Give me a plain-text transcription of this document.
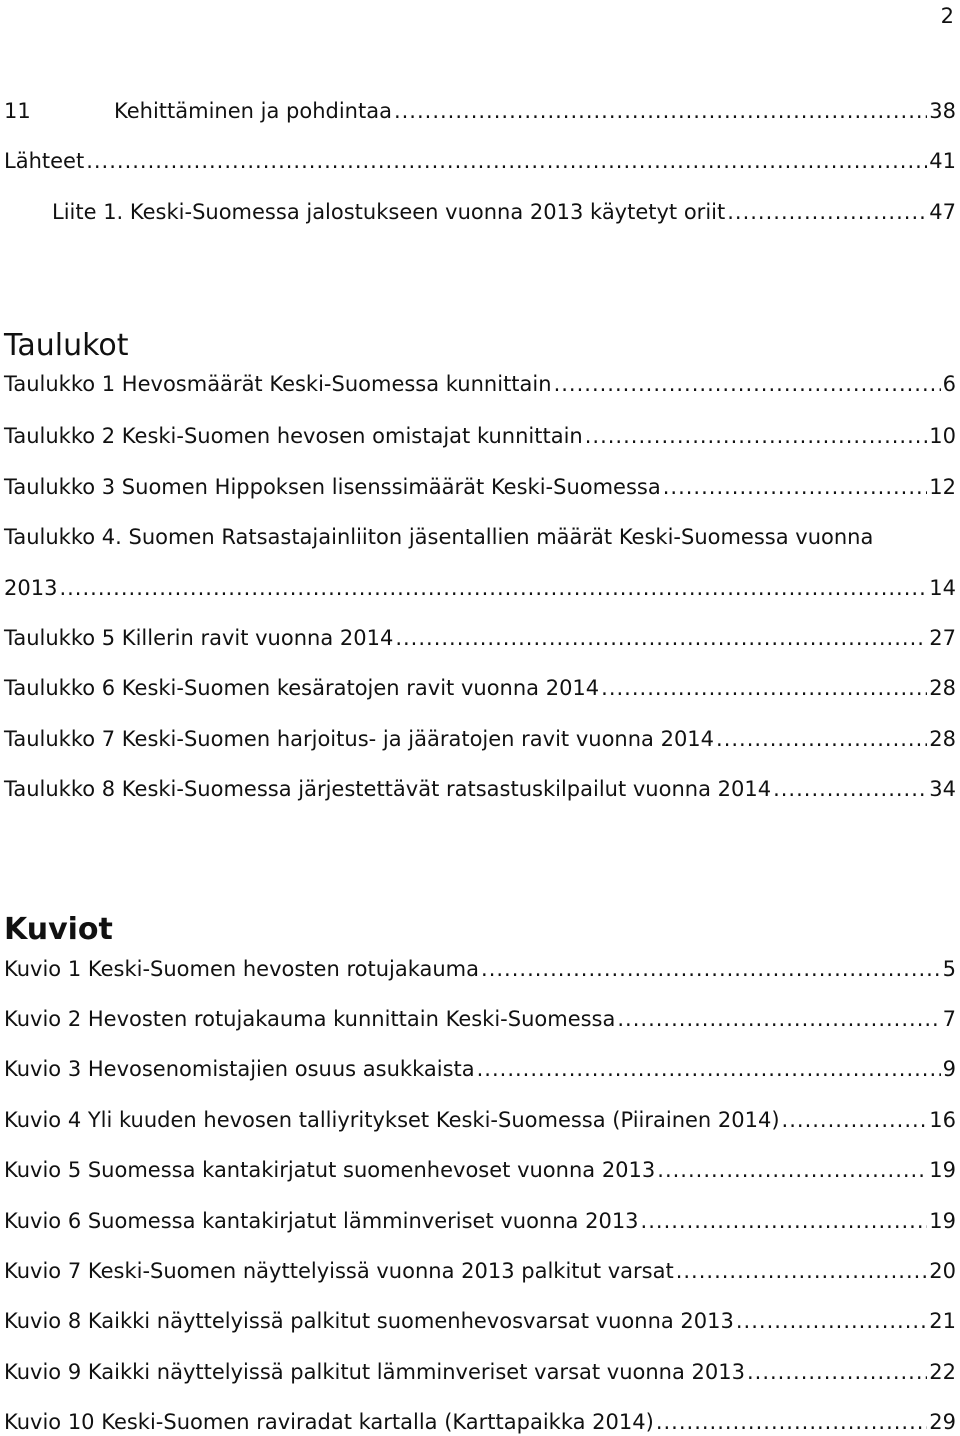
2
11	Kehittäminen ja pohdintaa .....	38
Lähteet .....	41
Liite 1. Keski-Suomessa jalostukseen vuonna 2013 käytetyt oriit .....	47
Taulukot
Taulukko 1 Hevosmäärät Keski-Suomessa kunnittain .....	6
Taulukko 2 Keski-Suomen hevosen omistajat kunnittain .....	10
Taulukko 3 Suomen Hippoksen lisenssimäärät Keski-Suomessa .....	12
Taulukko 4. Suomen Ratsastajainliiton jäsentallien määrät Keski-Suomessa vuonna
2013 .....	14
Taulukko 5 Killerin ravit vuonna 2014 .....	27
Taulukko 6 Keski-Suomen kesäratojen ravit vuonna 2014 .....	28
Taulukko 7 Keski-Suomen harjoitus- ja jääratojen ravit vuonna 2014 .....	28
Taulukko 8 Keski-Suomessa järjestettävät ratsastuskilpailut vuonna 2014 .....	34
Kuviot
Kuvio 1 Keski-Suomen hevosten rotujakauma .....	5
Kuvio 2 Hevosten rotujakauma kunnittain Keski-Suomessa .....	7
Kuvio 3 Hevosenomistajien osuus asukkaista .....	9
Kuvio 4 Yli kuuden hevosen talliyritykset Keski-Suomessa (Piirainen 2014) .....	16
Kuvio 5 Suomessa kantakirjatut suomenhevoset vuonna 2013 .....	19
Kuvio 6 Suomessa kantakirjatut lämminveriset vuonna 2013 .....	19
Kuvio 7 Keski-Suomen näyttelyissä vuonna 2013 palkitut varsat .....	20
Kuvio 8 Kaikki näyttelyissä palkitut suomenhevosvarsat vuonna 2013 .....	21
Kuvio 9 Kaikki näyttelyissä palkitut lämminveriset varsat vuonna 2013 .....	22
Kuvio 10 Keski-Suomen raviradat kartalla (Karttapaikka 2014) .....	29
